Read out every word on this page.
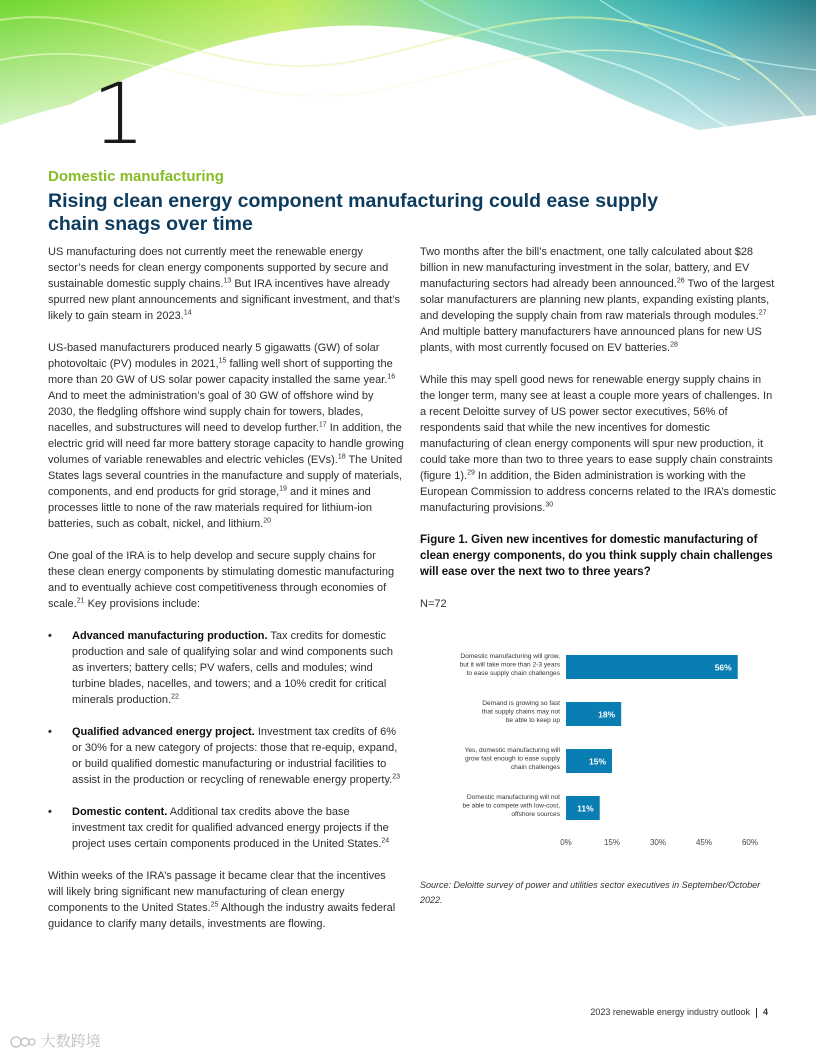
1
Domestic manufacturing
Rising clean energy component manufacturing could ease supply chain snags over time

US manufacturing does not currently meet the renewable energy sector’s needs for clean energy components supported by secure and sustainable domestic supply chains.$^{13}$ But IRA incentives have already spurred new plant announcements and significant investment, and that’s likely to gain steam in 2023.14

US-based manufacturers produced nearly 5 gigawatts (GW) of solar photovoltaic (PV) modules in 2021,15 falling well short of supporting the more than 20 GW of US solar power capacity installed the same year.$^{16}$ And to meet the administration’s goal of 30 GW of offshore wind by 2030, the fledgling offshore wind supply chain for towers, blades, nacelles, and substructures will need to develop further.$^{17}$ In addition, the electric grid will need far more battery storage capacity to handle growing volumes of variable renewables and electric vehicles (EVs).$^{18}$ The United States lags several countries in the manufacture and supply of materials, components, and end products for grid storage,$^{19}$ and it mines and processes little to none of the raw materials required for lithium-ion batteries, such as cobalt, nickel, and lithium.$^{20}$

One goal of the IRA is to help develop and secure supply chains for these clean energy components by stimulating domestic manufacturing and to eventually achieve cost competitiveness through economies of scale.$^{21}$ Key provisions include:

• Advanced manufacturing production. Tax credits for domestic production and sale of qualifying solar and wind components such as inverters; battery cells; PV wafers, cells and modules; wind turbine blades, nacelles, and towers; and a 10% credit for critical minerals production.$^{22}$
• Qualified advanced energy project. Investment tax credits of 6% or 30% for a new category of projects: those that re-equip, expand, or build qualified domestic manufacturing or industrial facilities to assist in the production or recycling of renewable energy property.$^{23}$
• Domestic content. Additional tax credits above the base investment tax credit for qualified advanced energy projects if the project uses certain components produced in the United States.$^{24}$

Within weeks of the IRA’s passage it became clear that the incentives will likely bring significant new manufacturing of clean energy components to the United States.$^{25}$ Although the industry awaits federal guidance to clarify many details, investments are flowing.

Two months after the bill’s enactment, one tally calculated about $28 billion in new manufacturing investment in the solar, battery, and EV manufacturing sectors had already been announced.$^{26}$ Two of the largest solar manufacturers are planning new plants, expanding existing plants, and developing the supply chain from raw materials through modules.$^{27}$ And multiple battery manufacturers have announced plans for new US plants, with most currently focused on EV batteries.$^{28}$

While this may spell good news for renewable energy supply chains in the longer term, many see at least a couple more years of challenges. In a recent Deloitte survey of US power sector executives, 56% of respondents said that while the new incentives for domestic manufacturing of clean energy components will spur new production, it could take more than two to three years to ease supply chain constraints (figure 1).$^{29}$ In addition, the Biden administration is working with the European Commission to address concerns related to the IRA’s domestic manufacturing provisions.$^{30}$

Figure 1. Given new incentives for domestic manufacturing of clean energy components, do you think supply chain challenges will ease over the next two to three years?

N=72

56%
Domestic manufacturing will grow,
but it will take more than 2-3 years
to ease supply chain challenges
18%
Demand is growing so fast
that supply chains may not
be able to keep up
15%
Yes, domestic manufacturing will
grow fast enough to ease supply
chain challenges
11%
Domestic manufacturing will not
be able to compete with low-cost,
offshore sources
0%	15%	30%	45%	60%
Source: Deloitte survey of power and utilities sector executives in September/October 2022.
2023 renewable energy industry outlook 4
大数跨境
